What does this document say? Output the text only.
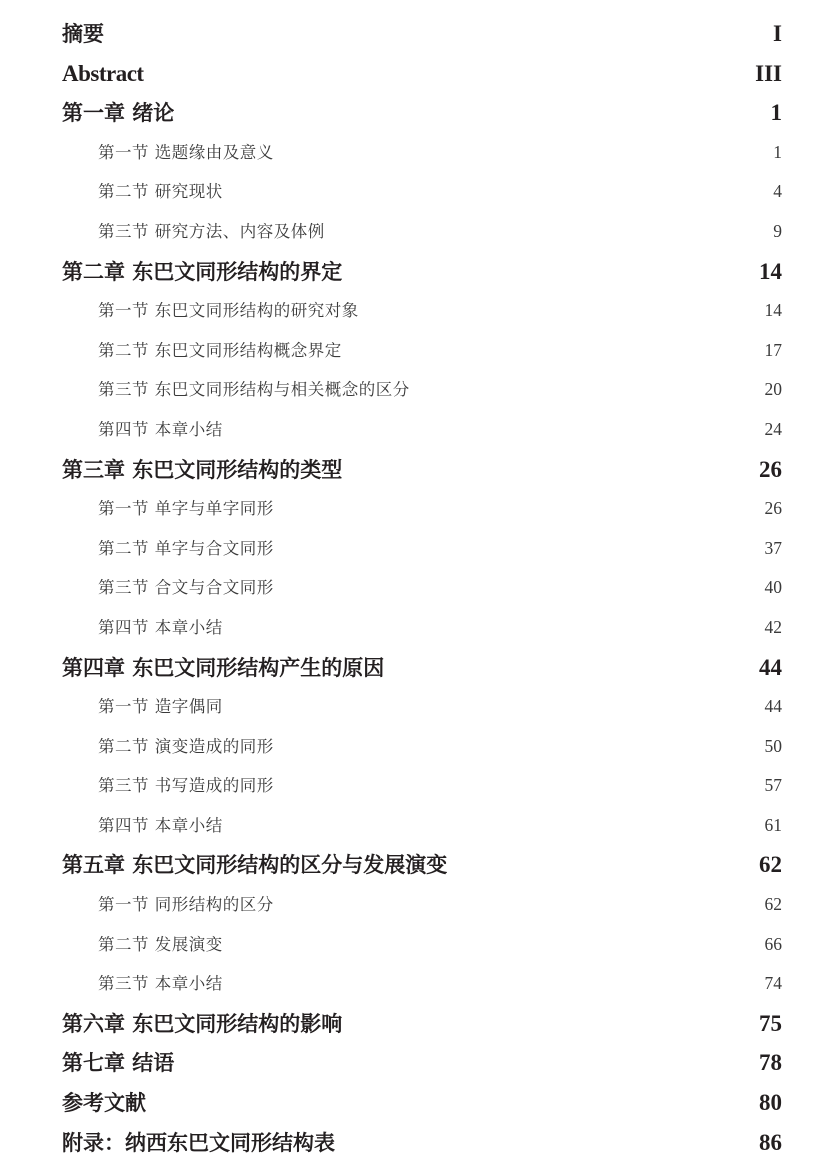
摘要	I
Abstract	III
第一章 绪论	1
第一节 选题缘由及意义	1
第二节 研究现状	4
第三节 研究方法、内容及体例	9
第二章 东巴文同形结构的界定	14
第一节 东巴文同形结构的研究对象	14
第二节 东巴文同形结构概念界定	17
第三节 东巴文同形结构与相关概念的区分	20
第四节 本章小结	24
第三章 东巴文同形结构的类型	26
第一节 单字与单字同形	26
第二节 单字与合文同形	37
第三节 合文与合文同形	40
第四节 本章小结	42
第四章 东巴文同形结构产生的原因	44
第一节 造字偶同	44
第二节 演变造成的同形	50
第三节 书写造成的同形	57
第四节 本章小结	61
第五章 东巴文同形结构的区分与发展演变	62
第一节 同形结构的区分	62
第二节 发展演变	66
第三节 本章小结	74
第六章 东巴文同形结构的影响	75
第七章 结语	78
参考文献	80
附录：纳西东巴文同形结构表	86
